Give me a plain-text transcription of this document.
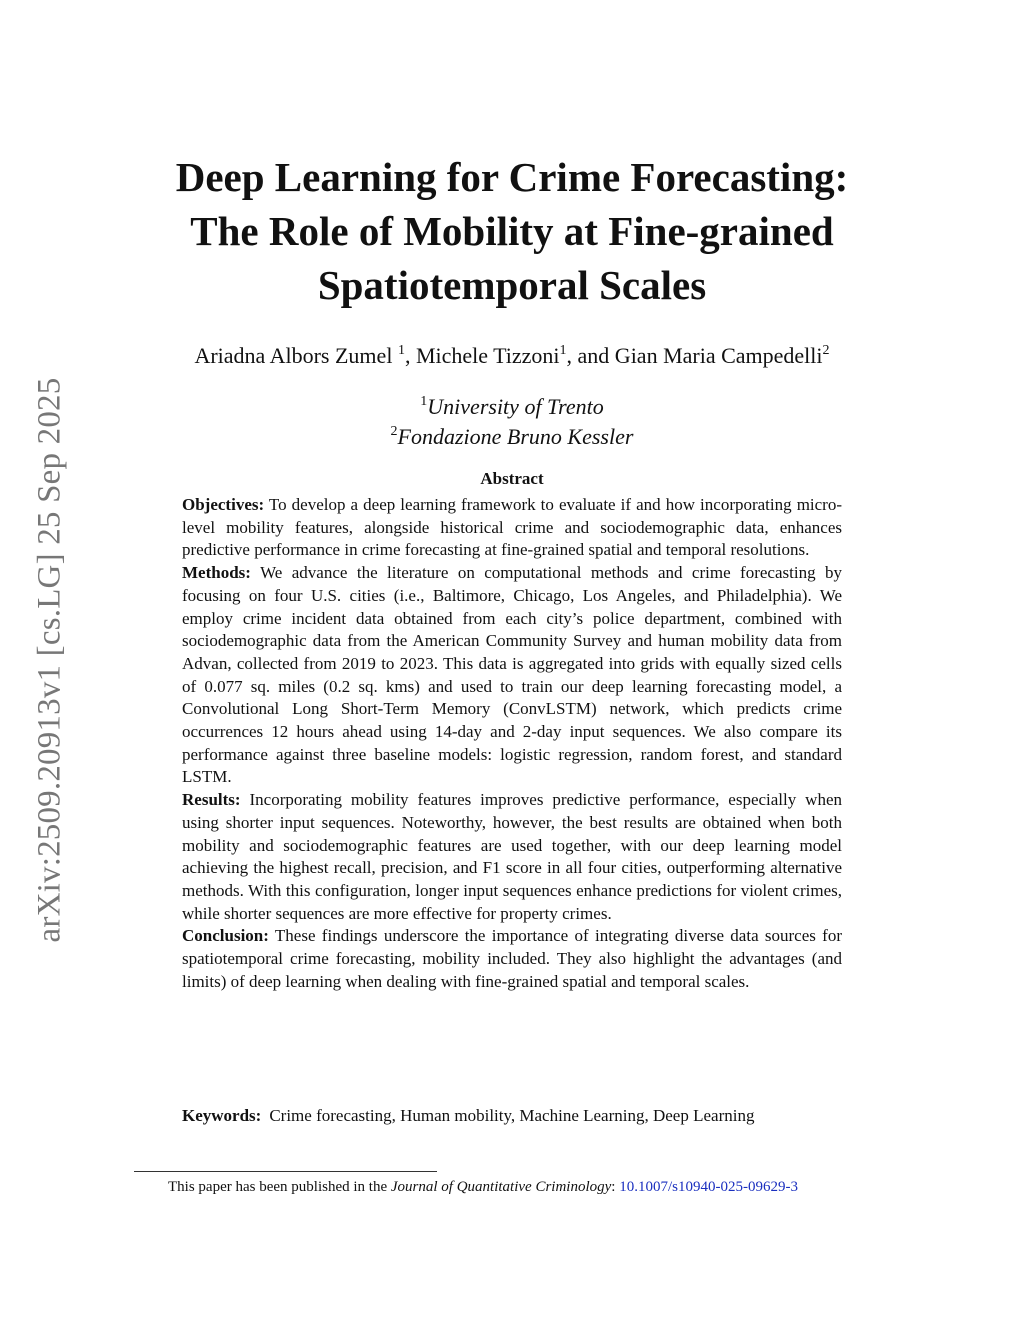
arXiv:2509.20913v1 [cs.LG] 25 Sep 2025
Deep Learning for Crime Forecasting:
The Role of Mobility at Fine-grained
Spatiotemporal Scales
Ariadna Albors Zumel $^1$, Michele Tizzoni$^1$, and Gian Maria Campedelli$^2$
$^1$University of Trento
$^2$Fondazione Bruno Kessler
Abstract

Objectives: To develop a deep learning framework to evaluate if and how incorporating micro-level mobility features, alongside historical crime and sociodemographic data, enhances predictive performance in crime forecasting at fine-grained spatial and temporal resolutions.

Methods: We advance the literature on computational methods and crime forecasting by focusing on four U.S. cities (i.e., Baltimore, Chicago, Los Angeles, and Philadelphia). We employ crime incident data obtained from each city’s police department, combined with sociodemographic data from the American Community Survey and human mobility data from Advan, collected from 2019 to 2023. This data is aggregated into grids with equally sized cells of 0.077 sq. miles (0.2 sq. kms) and used to train our deep learning forecasting model, a Convolutional Long Short-Term Memory (ConvLSTM) network, which predicts crime occurrences 12 hours ahead using 14-day and 2-day input sequences. We also compare its performance against three baseline models: logistic regression, random forest, and standard LSTM.

Results: Incorporating mobility features improves predictive performance, especially when using shorter input sequences. Noteworthy, however, the best results are obtained when both mobility and sociodemographic features are used together, with our deep learning model achieving the highest recall, precision, and F1 score in all four cities, outperforming alternative methods. With this configuration, longer input sequences enhance predictions for violent crimes, while shorter sequences are more effective for property crimes.

Conclusion: These findings underscore the importance of integrating diverse data sources for spatiotemporal crime forecasting, mobility included. They also highlight the advantages (and limits) of deep learning when dealing with fine-grained spatial and temporal scales.

Keywords: Crime forecasting, Human mobility, Machine Learning, Deep Learning
This paper has been published in the Journal of Quantitative Criminology: 10.1007/s10940-025-09629-3
